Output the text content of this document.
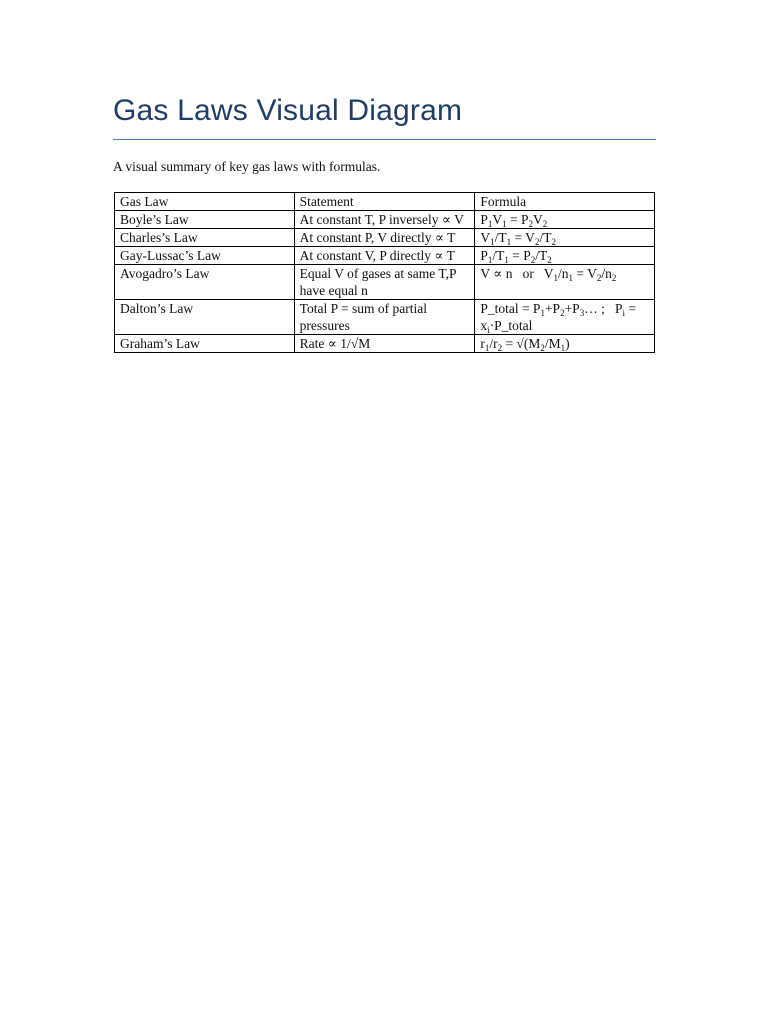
Gas Laws Visual Diagram

A visual summary of key gas laws with formulas.

Gas Law	Statement	Formula
Boyle’s Law	At constant T, P inversely ∝ V	$P_1V_1 = P_2V_2$
Charles’s Law	At constant P, V directly ∝ T	$V_1/T_1 = V_2/T_2$
Gay-Lussac’s Law	At constant V, P directly ∝ T	$P_1/T_1 = P_2/T_2$
Avogadro’s Law	Equal V of gases at same T,P have equal n	V ∝ n   or   $V_1/n_1 = V_2/n_2$
Dalton’s Law	Total P = sum of partial pressures	P_total = $P_1+P_2+P_3\dots$ ;   $P_i$ = $x_i\cdot P\_total$
Graham’s Law	Rate ∝ 1/√M	$r_1/r_2 = √(M_2/M_1)$
